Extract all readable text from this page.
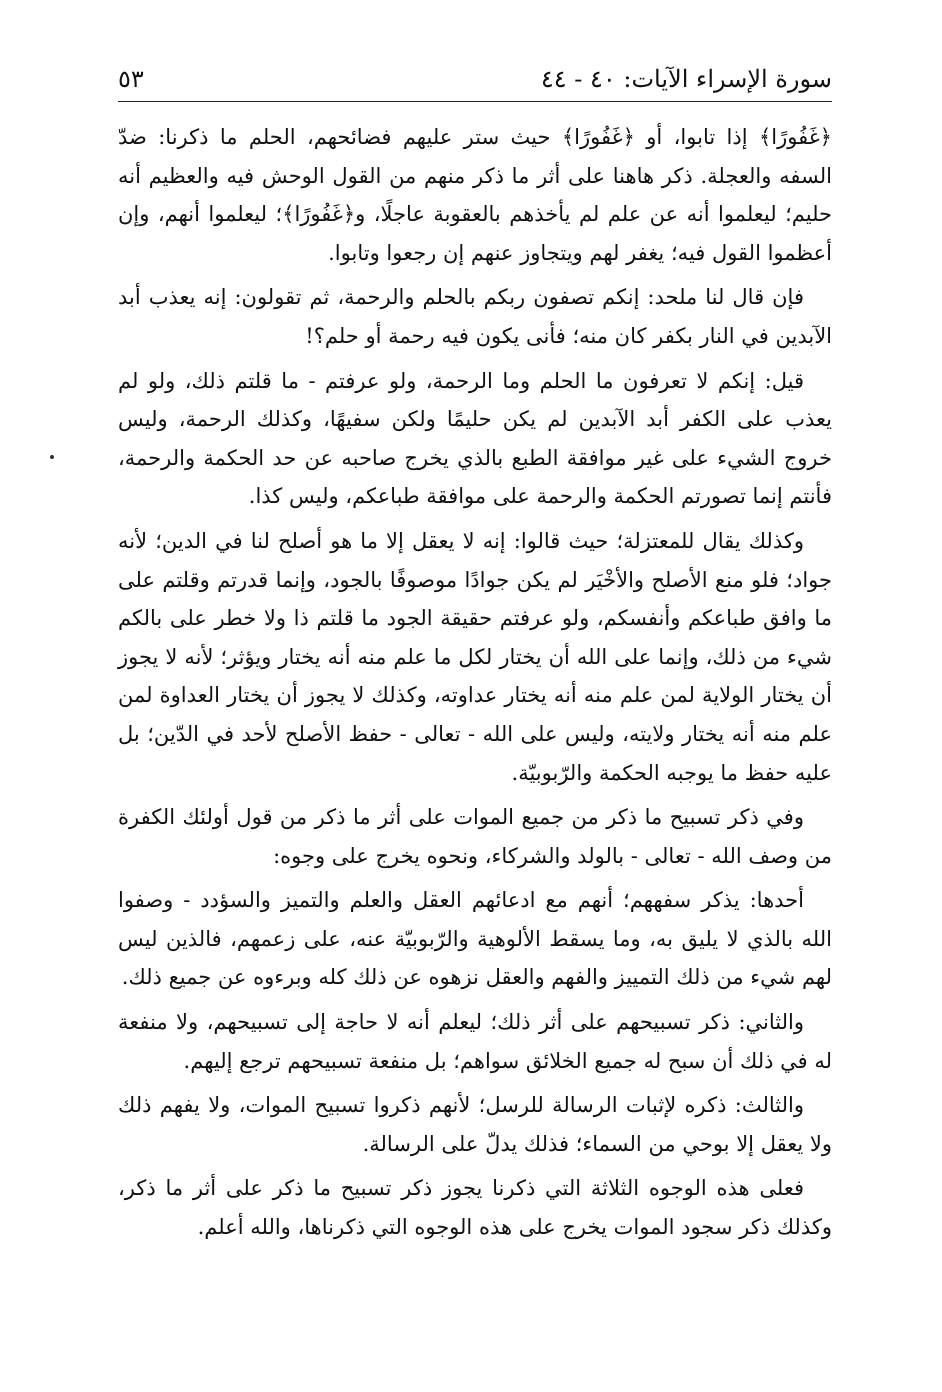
سورة الإسراء الآيات: ٤٠ - ٤٤
٥٣

﴿غَفُورًا﴾ إذا تابوا، أو ﴿غَفُورًا﴾ حيث ستر عليهم فضائحهم، الحلم ما ذكرنا: ضدّ السفه والعجلة. ذكر هاهنا على أثر ما ذكر منهم من القول الوحش فيه والعظيم أنه حليم؛ ليعلموا أنه عن علم لم يأخذهم بالعقوبة عاجلًا، و﴿غَفُورًا﴾؛ ليعلموا أنهم، وإن أعظموا القول فيه؛ يغفر لهم ويتجاوز عنهم إن رجعوا وتابوا.

فإن قال لنا ملحد: إنكم تصفون ربكم بالحلم والرحمة، ثم تقولون: إنه يعذب أبد الآبدين في النار بكفر كان منه؛ فأنى يكون فيه رحمة أو حلم؟!

قيل: إنكم لا تعرفون ما الحلم وما الرحمة، ولو عرفتم - ما قلتم ذلك، ولو لم يعذب على الكفر أبد الآبدين لم يكن حليمًا ولكن سفيهًا، وكذلك الرحمة، وليس خروج الشيء على غير موافقة الطبع بالذي يخرج صاحبه عن حد الحكمة والرحمة، فأنتم إنما تصورتم الحكمة والرحمة على موافقة طباعكم، وليس كذا.

وكذلك يقال للمعتزلة؛ حيث قالوا: إنه لا يعقل إلا ما هو أصلح لنا في الدين؛ لأنه جواد؛ فلو منع الأصلح والأخْيَر لم يكن جوادًا موصوفًا بالجود، وإنما قدرتم وقلتم على ما وافق طباعكم وأنفسكم، ولو عرفتم حقيقة الجود ما قلتم ذا ولا خطر على بالكم شيء من ذلك، وإنما على الله أن يختار لكل ما علم منه أنه يختار ويؤثر؛ لأنه لا يجوز أن يختار الولاية لمن علم منه أنه يختار عداوته، وكذلك لا يجوز أن يختار العداوة لمن علم منه أنه يختار ولايته، وليس على الله - تعالى - حفظ الأصلح لأحد في الدّين؛ بل عليه حفظ ما يوجبه الحكمة والرّبوبيّة.

وفي ذكر تسبيح ما ذكر من جميع الموات على أثر ما ذكر من قول أولئك الكفرة من وصف الله - تعالى - بالولد والشركاء، ونحوه يخرج على وجوه:

أحدها: يذكر سفههم؛ أنهم مع ادعائهم العقل والعلم والتميز والسؤدد - وصفوا الله بالذي لا يليق به، وما يسقط الألوهية والرّبوبيّة عنه، على زعمهم، فالذين ليس لهم شيء من ذلك التمييز والفهم والعقل نزهوه عن ذلك كله وبرءوه عن جميع ذلك.

والثاني: ذكر تسبيحهم على أثر ذلك؛ ليعلم أنه لا حاجة إلى تسبيحهم، ولا منفعة له في ذلك أن سبح له جميع الخلائق سواهم؛ بل منفعة تسبيحهم ترجع إليهم.

والثالث: ذكره لإثبات الرسالة للرسل؛ لأنهم ذكروا تسبيح الموات، ولا يفهم ذلك ولا يعقل إلا بوحي من السماء؛ فذلك يدلّ على الرسالة.

فعلى هذه الوجوه الثلاثة التي ذكرنا يجوز ذكر تسبيح ما ذكر على أثر ما ذكر، وكذلك ذكر سجود الموات يخرج على هذه الوجوه التي ذكرناها، والله أعلم.
